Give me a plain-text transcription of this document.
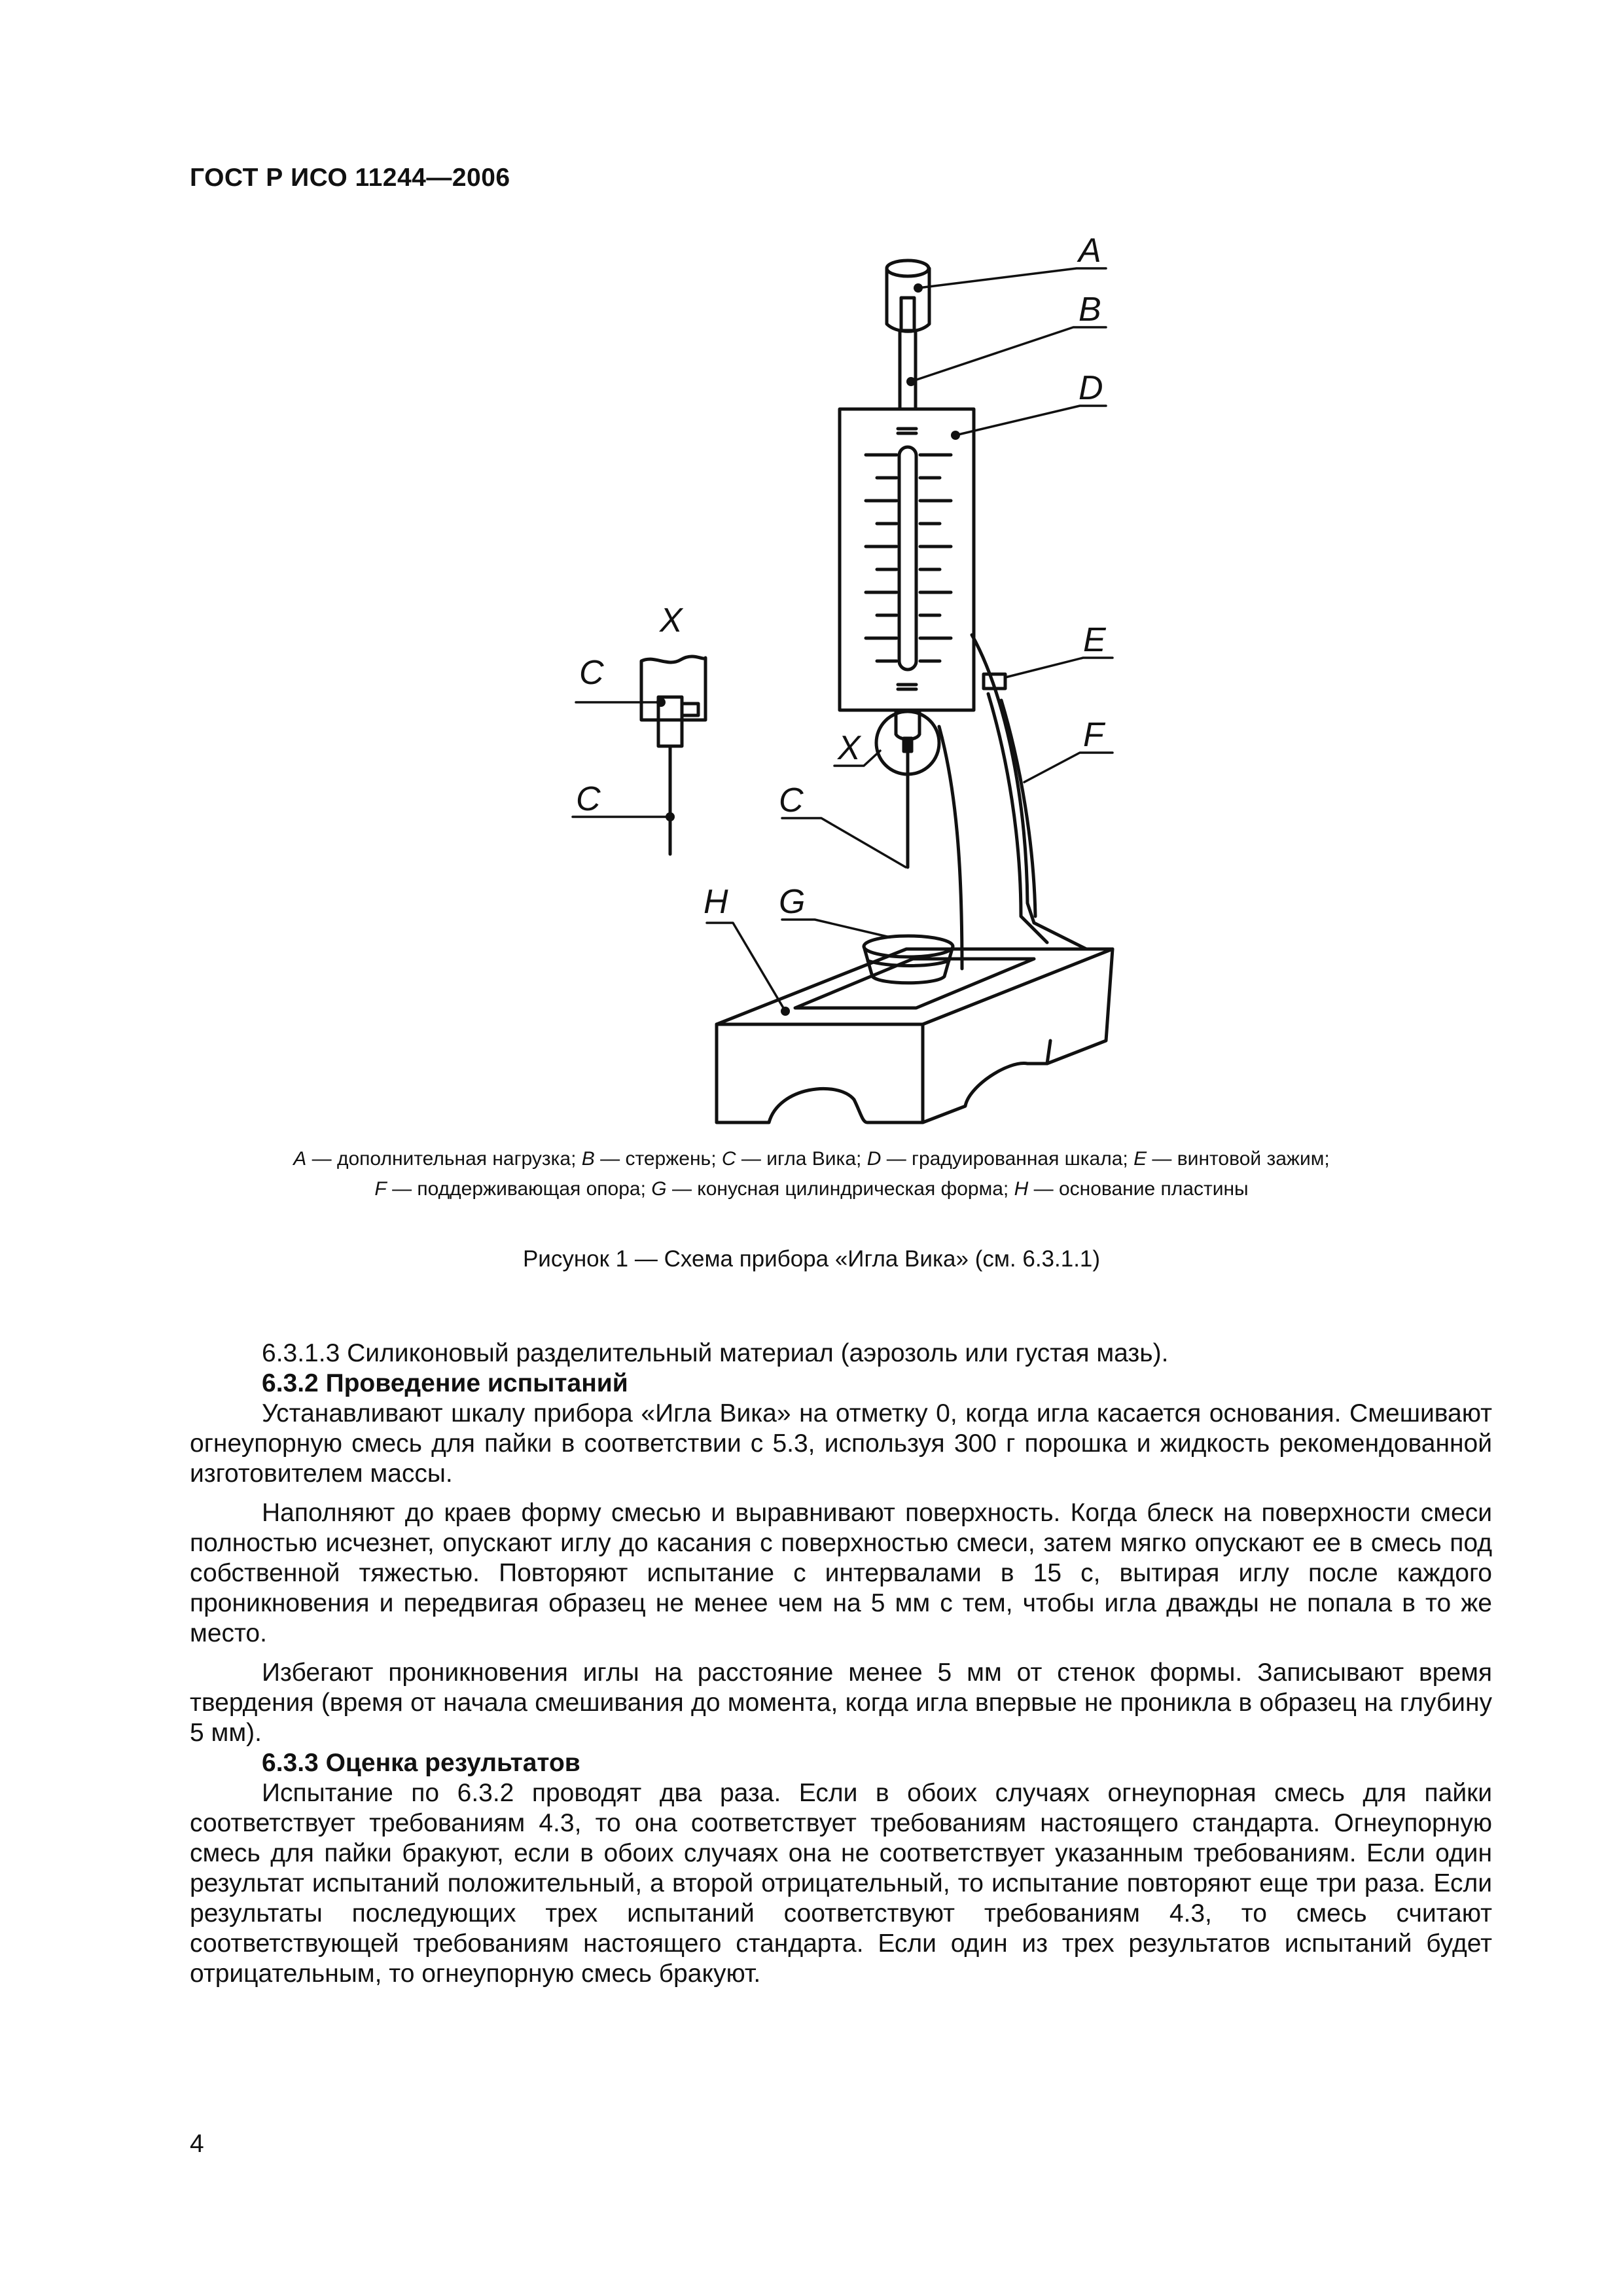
ГОСТ Р ИСО 11244—2006
A
B
D
X
C
E
X	F
C	C
H G
A — дополнительная нагрузка; B — стержень; C — игла Вика; D — градуированная шкала; E — винтовой зажим;
F — поддерживающая опора; G — конусная цилиндрическая форма; H — основание пластины
Рисунок 1 — Схема прибора «Игла Вика» (см. 6.3.1.1)

6.3.1.3 Силиконовый разделительный материал (аэрозоль или густая мазь).

6.3.2 Проведение испытаний

Устанавливают шкалу прибора «Игла Вика» на отметку 0, когда игла касается основания. Смешивают огнеупорную смесь для пайки в соответствии с 5.3, используя 300 г порошка и жидкость рекомендованной изготовителем массы.

Наполняют до краев форму смесью и выравнивают поверхность. Когда блеск на поверхности смеси полностью исчезнет, опускают иглу до касания с поверхностью смеси, затем мягко опускают ее в смесь под собственной тяжестью. Повторяют испытание с интервалами в 15 с, вытирая иглу после каждого проникновения и передвигая образец не менее чем на 5 мм с тем, чтобы игла дважды не попала в то же место.

Избегают проникновения иглы на расстояние менее 5 мм от стенок формы. Записывают время твердения (время от начала смешивания до момента, когда игла впервые не проникла в образец на глубину 5 мм).

6.3.3 Оценка результатов

Испытание по 6.3.2 проводят два раза. Если в обоих случаях огнеупорная смесь для пайки соответствует требованиям 4.3, то она соответствует требованиям настоящего стандарта. Огнеупорную смесь для пайки бракуют, если в обоих случаях она не соответствует указанным требованиям. Если один результат испытаний положительный, а второй отрицательный, то испытание повторяют еще три раза. Если результаты последующих трех испытаний соответствуют требованиям 4.3, то смесь считают соответствующей требованиям настоящего стандарта. Если один из трех результатов испытаний будет отрицательным, то огнеупорную смесь бракуют.

4
